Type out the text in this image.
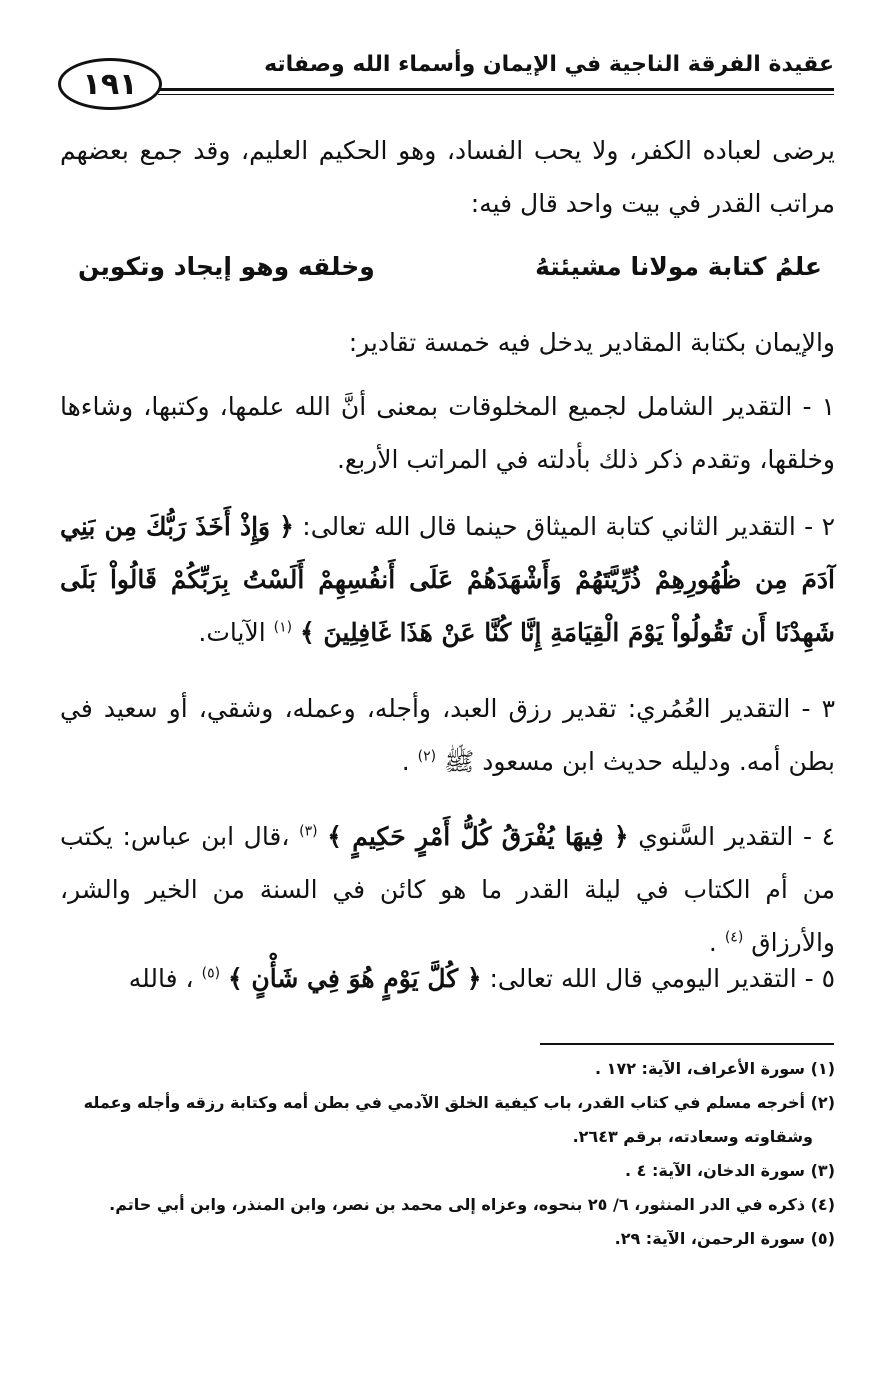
١٩١
عقيدة الفرقة الناجية في الإيمان وأسماء الله وصفاته
يرضى لعباده الكفر، ولا يحب الفساد، وهو الحكيم العليم، وقد جمع بعضهم مراتب القدر في بيت واحد قال فيه:
علمُ كتابة مولانا مشيئتهُ
وخلقه وهو إيجاد وتكوين
والإيمان بكتابة المقادير يدخل فيه خمسة تقادير:
١ - التقدير الشامل لجميع المخلوقات بمعنى أنَّ الله علمها، وكتبها، وشاءها وخلقها، وتقدم ذكر ذلك بأدلته في المراتب الأربع.
٢ - التقدير الثاني كتابة الميثاق حينما قال الله تعالى: ﴿ وَإِذْ أَخَذَ رَبُّكَ مِن بَنِي آدَمَ مِن ظُهُورِهِمْ ذُرِّيَّتَهُمْ وَأَشْهَدَهُمْ عَلَى أَنفُسِهِمْ أَلَسْتُ بِرَبِّكُمْ قَالُواْ بَلَى شَهِدْنَا أَن تَقُولُواْ يَوْمَ الْقِيَامَةِ إِنَّا كُنَّا عَنْ هَذَا غَافِلِينَ ﴾ $^{(١)}$ الآيات.
٣ - التقدير العُمُري: تقدير رزق العبد، وأجله، وعمله، وشقي، أو سعيد في بطن أمه. ودليله حديث ابن مسعود ﷺ $^{(٢)}$ .
٤ - التقدير السَّنوي ﴿ فِيهَا يُفْرَقُ كُلُّ أَمْرٍ حَكِيمٍ ﴾ $^{(٣)}$ ،قال ابن عباس: يكتب من أم الكتاب في ليلة القدر ما هو كائن في السنة من الخير والشر، والأرزاق $^{(٤)}$ .
٥ - التقدير اليومي قال الله تعالى: ﴿ كُلَّ يَوْمٍ هُوَ فِي شَأْنٍ ﴾ $^{(٥)}$ ، فالله

(١) سورة الأعراف، الآية: ١٧٢ .

(٢) أخرجه مسلم في كتاب القدر، باب كيفية الخلق الآدمي في بطن أمه وكتابة رزقه وأجله وعمله

وشقاوته وسعادته، برقم ٢٦٤٣.

(٣) سورة الدخان، الآية: ٤ .

(٤) ذكره في الدر المنثور، ٦/ ٢٥ بنحوه، وعزاه إلى محمد بن نصر، وابن المنذر، وابن أبي حاتم.

(٥) سورة الرحمن، الآية: ٢٩.
